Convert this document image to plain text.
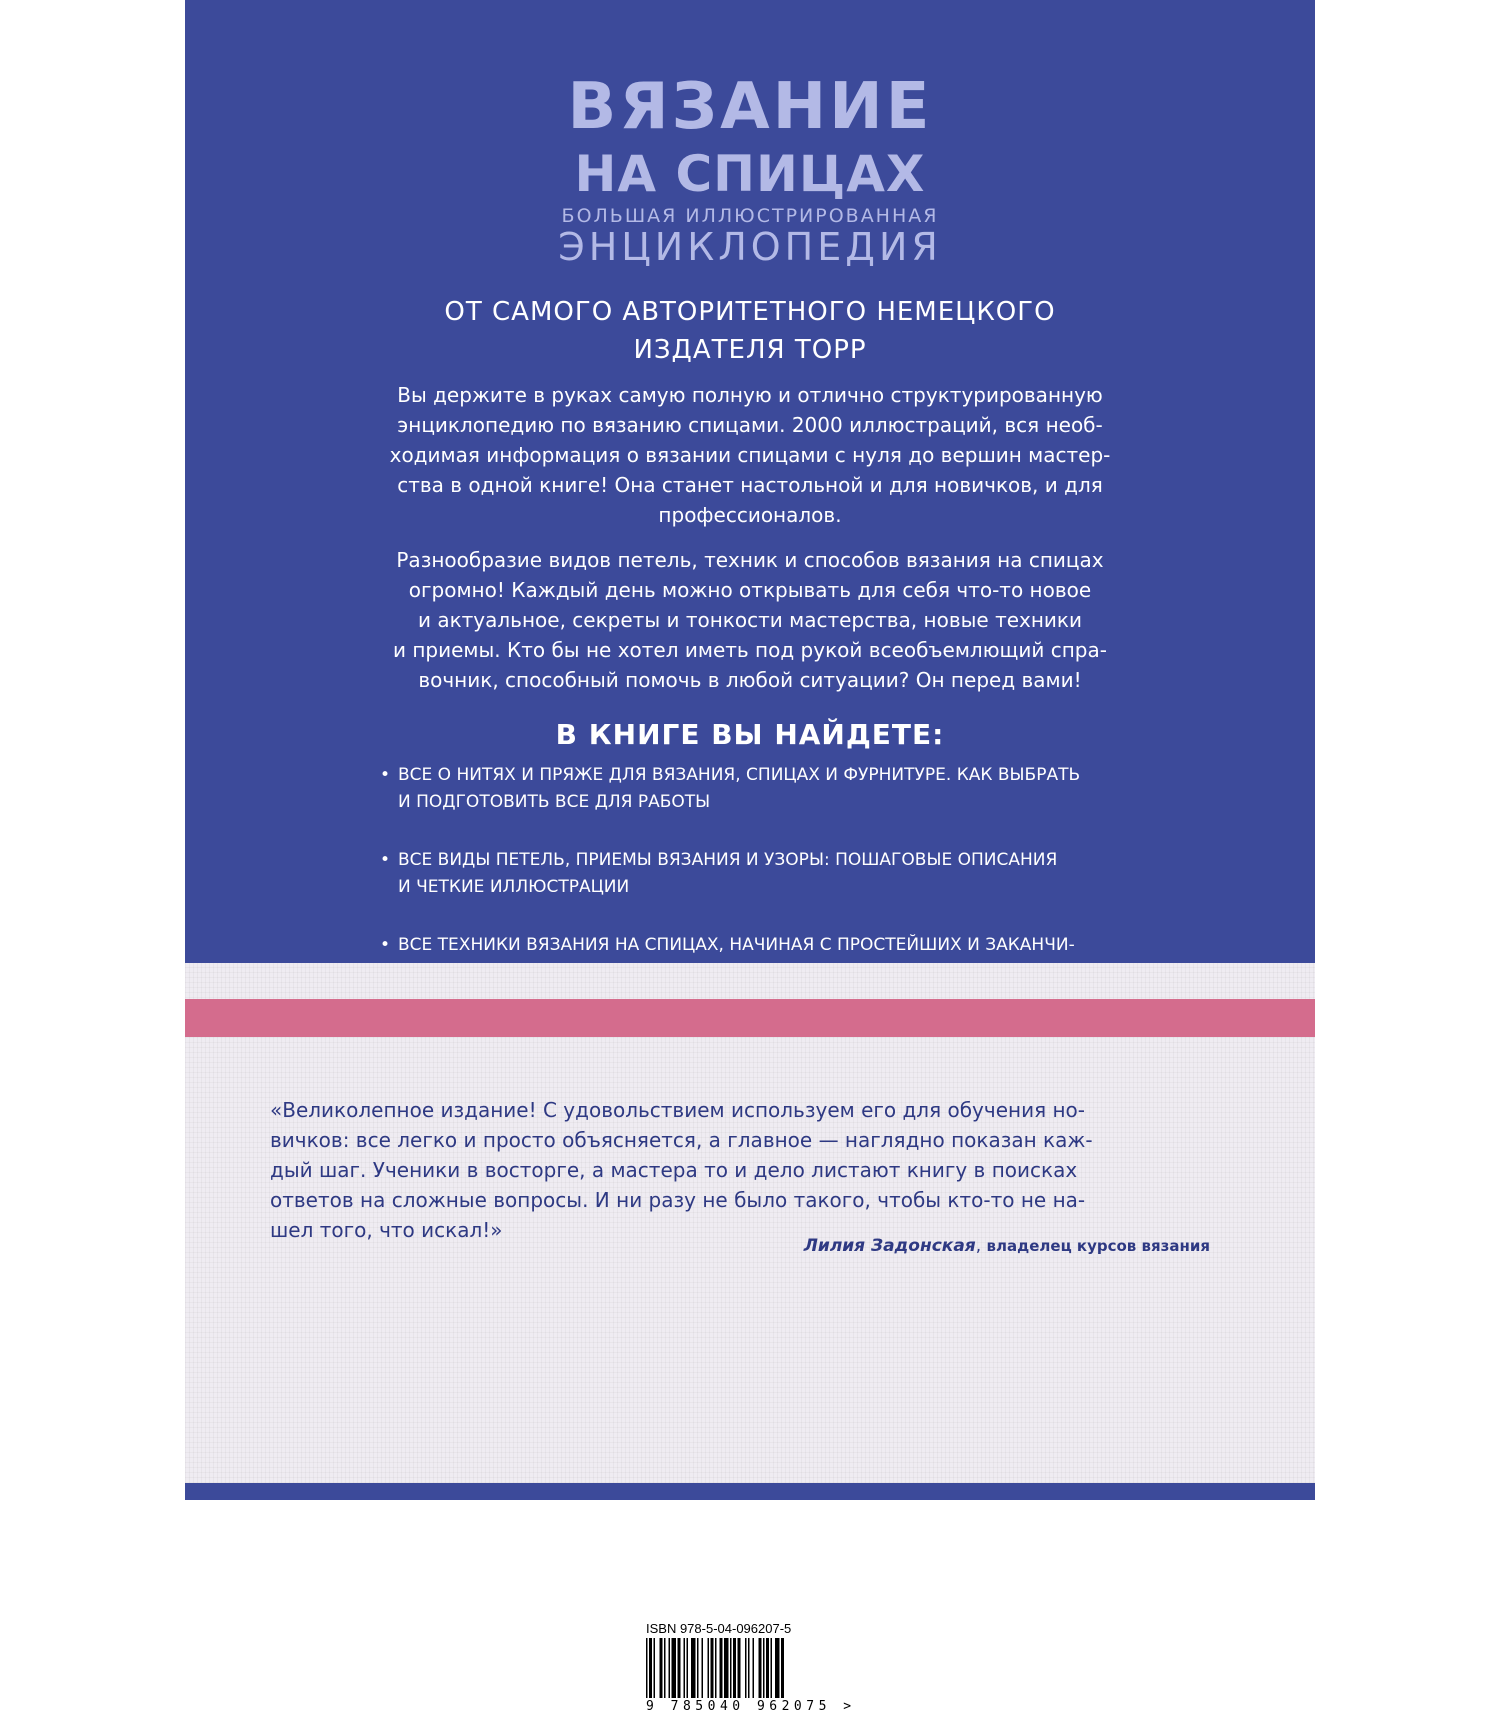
ВЯЗАНИЕ
НА СПИЦАХ
БОЛЬШАЯ ИЛЛЮСТРИРОВАННАЯ
ЭНЦИКЛОПЕДИЯ
ОТ САМОГО АВТОРИТЕТНОГО НЕМЕЦКОГО
ИЗДАТЕЛЯ TOPP
Вы держите в руках самую полную и отлично структурированную
энциклопедию по вязанию спицами. 2000 иллюстраций, вся необ-
ходимая информация о вязании спицами с нуля до вершин мастер-
ства в одной книге! Она станет настольной и для новичков, и для
профессионалов.
Разнообразие видов петель, техник и способов вязания на спицах
огромно! Каждый день можно открывать для себя что-то новое
и актуальное, секреты и тонкости мастерства, новые техники
и приемы. Кто бы не хотел иметь под рукой всеобъемлющий спра-
вочник, способный помочь в любой ситуации? Он перед вами!
В КНИГЕ ВЫ НАЙДЕТЕ:
• ВСЕ О НИТЯХ И ПРЯЖЕ ДЛЯ ВЯЗАНИЯ, СПИЦАХ И ФУРНИТУРЕ. КАК ВЫБРАТЬ
И ПОДГОТОВИТЬ ВСЕ ДЛЯ РАБОТЫ
• ВСЕ ВИДЫ ПЕТЕЛЬ, ПРИЕМЫ ВЯЗАНИЯ И УЗОРЫ: ПОШАГОВЫЕ ОПИСАНИЯ
И ЧЕТКИЕ ИЛЛЮСТРАЦИИ
• ВСЕ ТЕХНИКИ ВЯЗАНИЯ НА СПИЦАХ, НАЧИНАЯ С ПРОСТЕЙШИХ И ЗАКАНЧИ-
«Великолепное издание! С удовольствием используем его для обучения но-
вичков: все легко и просто объясняется, а главное — наглядно показан каж-
дый шаг. Ученики в восторге, а мастера то и дело листают книгу в поисках
ответов на сложные вопросы. И ни разу не было такого, чтобы кто-то не на-
шел того, что искал!»
Лилия Задонская, владелец курсов вязания
ISBN 978-5-04-096207-5
9 785040 962075 >
